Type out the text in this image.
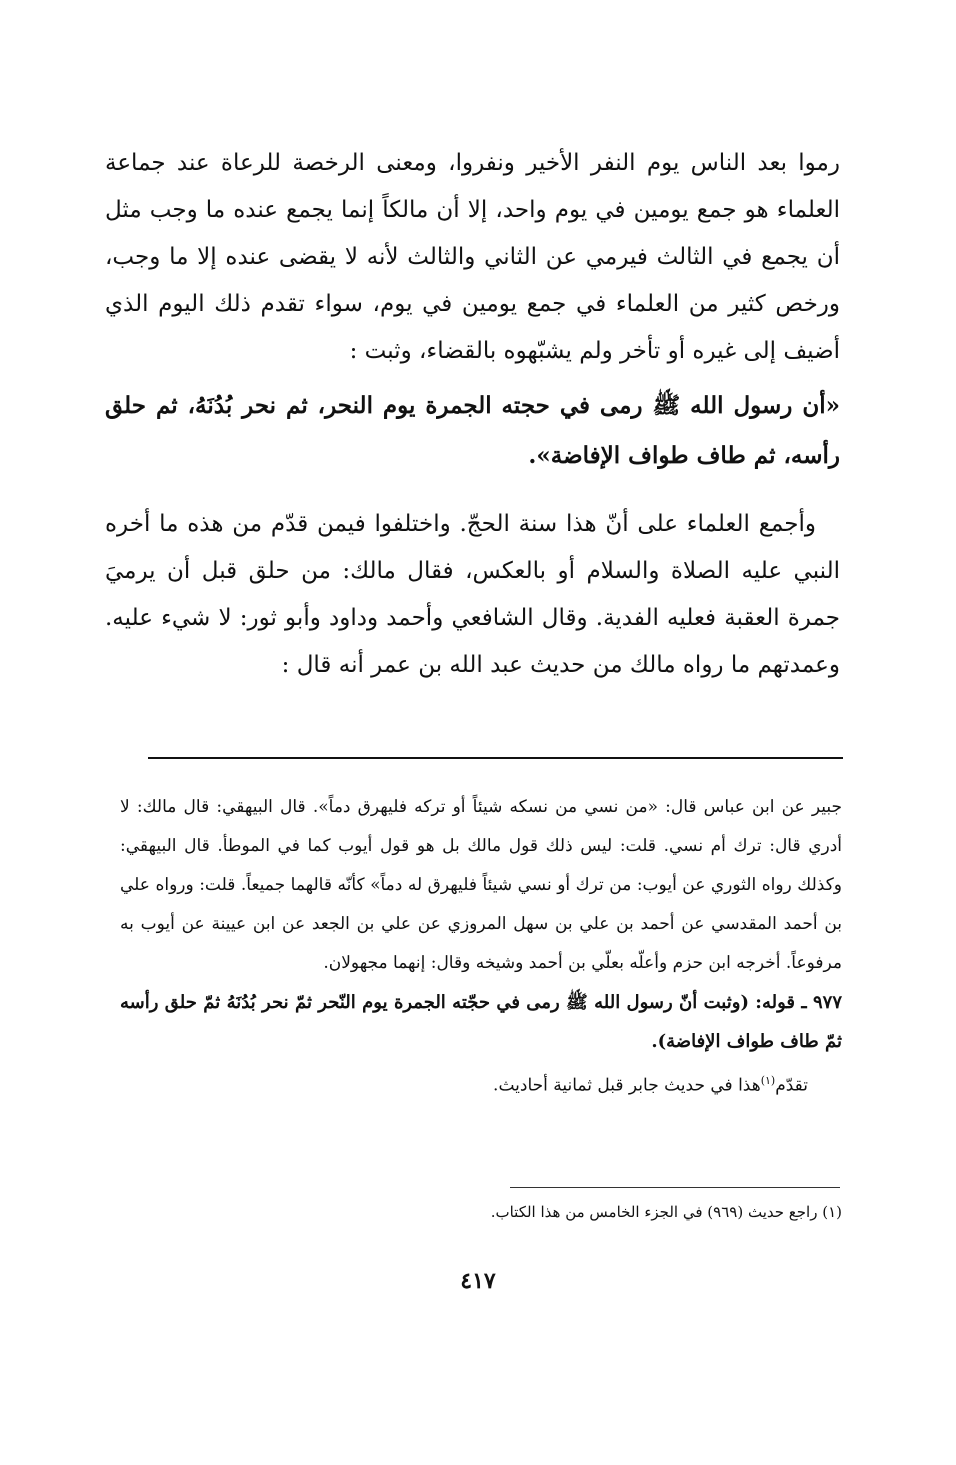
رموا بعد الناس يوم النفر الأخير ونفروا، ومعنى الرخصة للرعاة عند جماعة العلماء هو جمع يومين في يوم واحد، إلا أن مالكاً إنما يجمع عنده ما وجب مثل أن يجمع في الثالث فيرمي عن الثاني والثالث لأنه لا يقضى عنده إلا ما وجب، ورخص كثير من العلماء في جمع يومين في يوم، سواء تقدم ذلك اليوم الذي أضيف إلى غيره أو تأخر ولم يشبّهوه بالقضاء، وثبت :

«أن رسول الله ﷺ رمى في حجته الجمرة يوم النحر، ثم نحر بُدُنَهُ، ثم حلق رأسه، ثم طاف طواف الإفاضة».

وأجمع العلماء على أنّ هذا سنة الحجّ. واختلفوا فيمن قدّم من هذه ما أخره النبي عليه الصلاة والسلام أو بالعكس، فقال مالك: من حلق قبل أن يرميَ جمرة العقبة فعليه الفدية. وقال الشافعي وأحمد وداود وأبو ثور: لا شيء عليه. وعمدتهم ما رواه مالك من حديث عبد الله بن عمر أنه قال :

جبير عن ابن عباس قال: «من نسي من نسكه شيئاً أو تركه فليهرق دماً». قال البيهقي: قال مالك: لا أدري قال: ترك أم نسي. قلت: ليس ذلك قول مالك بل هو قول أيوب كما في الموطأ. قال البيهقي: وكذلك رواه الثوري عن أيوب: من ترك أو نسي شيئاً فليهرق له دماً» كأنّه قالهما جميعاً. قلت: ورواه علي بن أحمد المقدسي عن أحمد بن علي بن سهل المروزي عن علي بن الجعد عن ابن عيينة عن أيوب به مرفوعاً. أخرجه ابن حزم وأعلّه بعلّي بن أحمد وشيخه وقال: إنهما مجهولان.

٩٧٧ ـ قوله: (وثبت أنّ رسول الله ﷺ رمى في حجّته الجمرة يوم النّحر ثمّ نحر بُدُنَهُ ثمّ حلق رأسه ثمّ طاف طواف الإفاضة).

تقدّم$^{(١)}$هذا في حديث جابر قبل ثمانية أحاديث.

(١) راجع حديث (٩٦٩) في الجزء الخامس من هذا الكتاب.
٤١٧
